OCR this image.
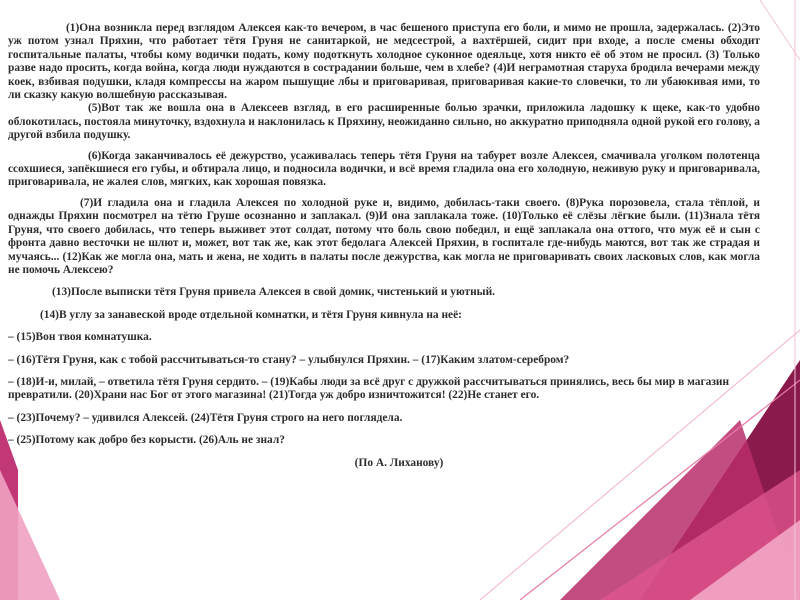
(1)Она возникла перед взглядом Алексея как-то вечером, в час бешеного приступа его боли, и мимо не прошла, задержалась. (2)Это уж потом узнал Пряхин, что работает тётя Груня не санитаркой, не медсестрой, а вахтёршей, сидит при входе, а после смены обходит госпитальные палаты, чтобы кому водички подать, кому подоткнуть холодное суконное одеяльце, хотя никто её об этом не просил. (3) Только разве надо просить, когда война, когда люди нуждаются в сострадании больше, чем в хлебе? (4)И неграмотная старуха бродила вечерами между коек, взбивая подушки, кладя компрессы на жаром пышущие лбы и приговаривая, приговаривая какие-то словечки, то ли убаюкивая ими, то ли сказку какую волшебную рассказывая.

(5)Вот так же вошла она в Алексеев взгляд, в его расширенные болью зрачки, приложила ладошку к щеке, как-то удобно облокотилась, постояла минуточку, вздохнула и наклонилась к Пряхину, неожиданно сильно, но аккуратно приподняла одной рукой его голову, а другой взбила подушку.

(6)Когда заканчивалось её дежурство, усаживалась теперь тётя Груня на табурет возле Алексея, смачивала уголком полотенца ссохшиеся, запёкшиеся его губы, и обтирала лицо, и подносила водички, и всё время гладила она его холодную, неживую руку и приговаривала, приговаривала, не жалея слов, мягких, как хорошая повязка.

(7)И гладила она и гладила Алексея по холодной руке и, видимо, добилась-таки своего. (8)Рука порозовела, стала тёплой, и однажды Пряхин посмотрел на тётю Грушe осознанно и заплакал. (9)И она заплакала тоже. (10)Только её слёзы лёгкие были. (11)Знала тётя Груня, что своего добилась, что теперь выживет этот солдат, потому что боль свою победил, и ещё заплакала она оттого, что муж её и сын с фронта давно весточки не шлют и, может, вот так же, как этот бедолага Алексей Пряхин, в госпитале где-нибудь маются, вот так же страдая и мучаясь... (12)Как же могла она, мать и жена, не ходить в палаты после дежурства, как могла не приговаривать своих ласковых слов, как могла не помочь Алексею?

(13)После выписки тётя Груня привела Алексея в свой домик, чистенький и уютный.

(14)В углу за занавеской вроде отдельной комнатки, и тётя Груня кивнула на неё:

– (15)Вон твоя комнатушка.

– (16)Тётя Груня, как с тобой рассчитываться-то стану? – улыбнулся Пряхин. – (17)Каким златом-серебром?

– (18)И-и, милай, – ответила тётя Груня сердито. – (19)Кабы люди за всё друг с дружкой рассчитываться принялись, весь бы мир в магазин превратили. (20)Храни нас Бог от этого магазина! (21)Тогда уж добро изничтожится! (22)Не станет его.

– (23)Почему? – удивился Алексей. (24)Тётя Груня строго на него поглядела.

– (25)Потому как добро без корысти. (26)Аль не знал?

(По А. Лиханову)
